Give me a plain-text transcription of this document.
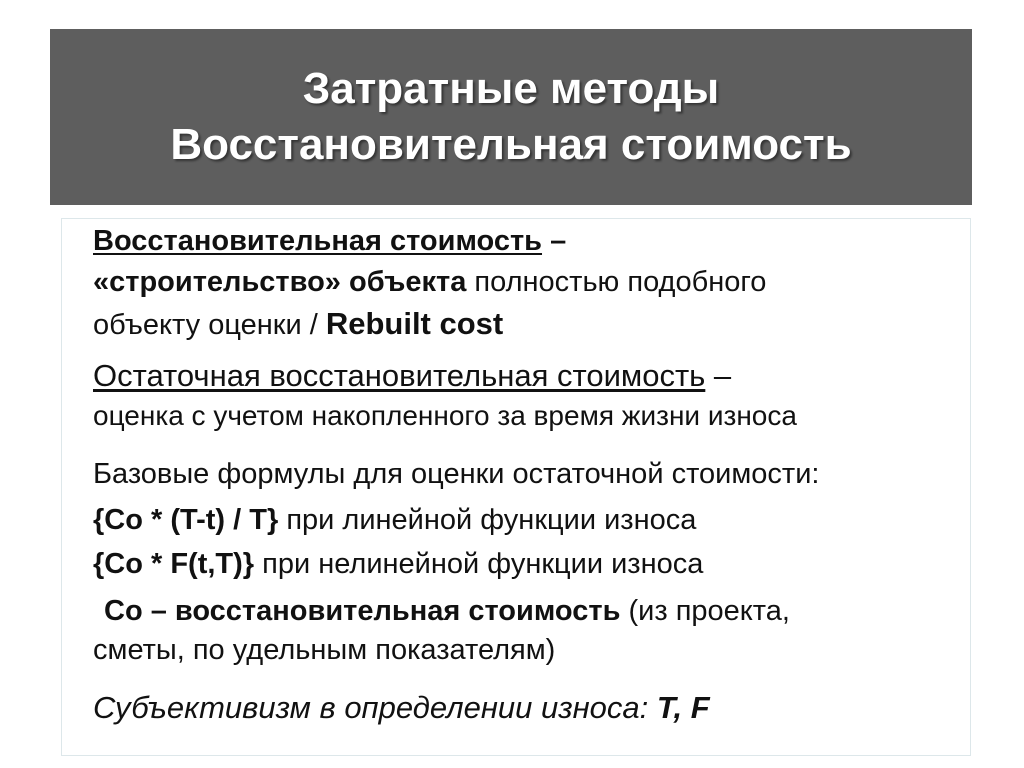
Затратные методы
Восстановительная стоимость
Восстановительная стоимость –
«строительство» объекта полностью подобного
объекту оценки / Rebuilt cost
Остаточная восстановительная стоимость –
оценка с учетом накопленного за время жизни износа
Базовые формулы для оценки остаточной стоимости:
{Co * (T-t) / T} при линейной функции износа
{Co * F(t,T)} при нелинейной функции износа
Co – восстановительная стоимость (из проекта,
сметы, по удельным показателям)
Субъективизм в определении износа: T, F
